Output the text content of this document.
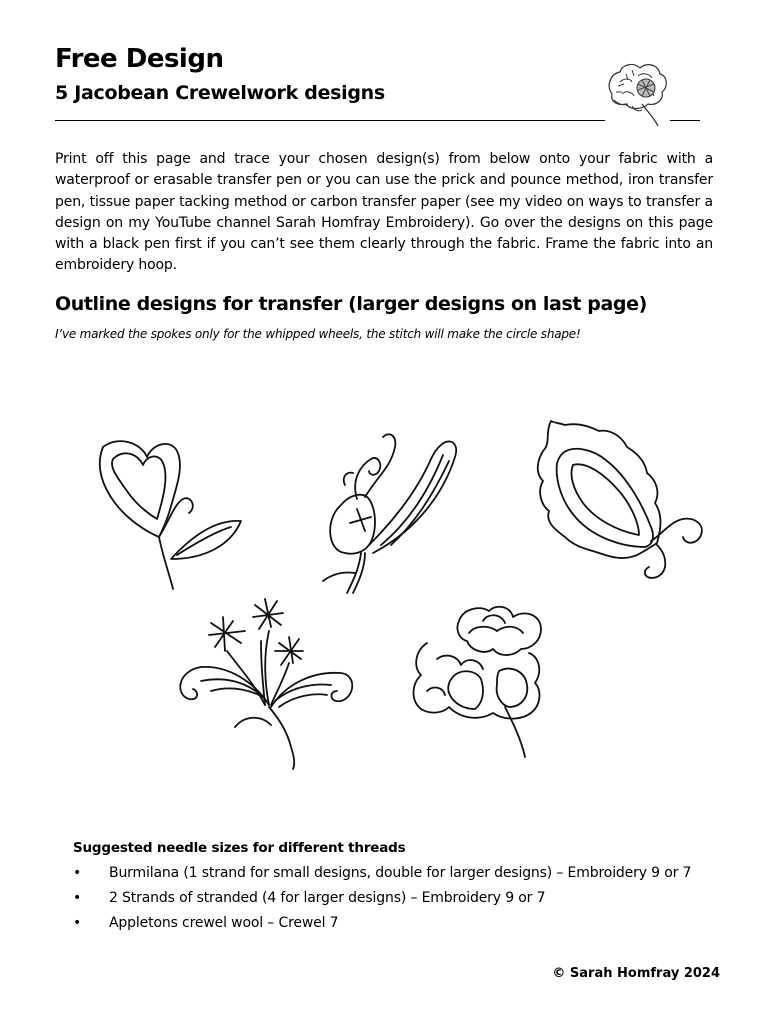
Free Design
5 Jacobean Crewelwork designs
Print off this page and trace your chosen design(s) from below onto your fabric with a waterproof or erasable transfer pen or you can use the prick and pounce method, iron transfer pen, tissue paper tacking method or carbon transfer paper (see my video on ways to transfer a design on my YouTube channel Sarah Homfray Embroidery). Go over the designs on this page with a black pen first if you can’t see them clearly through the fabric. Frame the fabric into an embroidery hoop.
Outline designs for transfer (larger designs on last page)
I’ve marked the spokes only for the whipped wheels, the stitch will make the circle shape!
Suggested needle sizes for different threads
• Burmilana (1 strand for small designs, double for larger designs) – Embroidery 9 or 7
• 2 Strands of stranded (4 for larger designs) – Embroidery 9 or 7
• Appletons crewel wool – Crewel 7
© Sarah Homfray 2024
